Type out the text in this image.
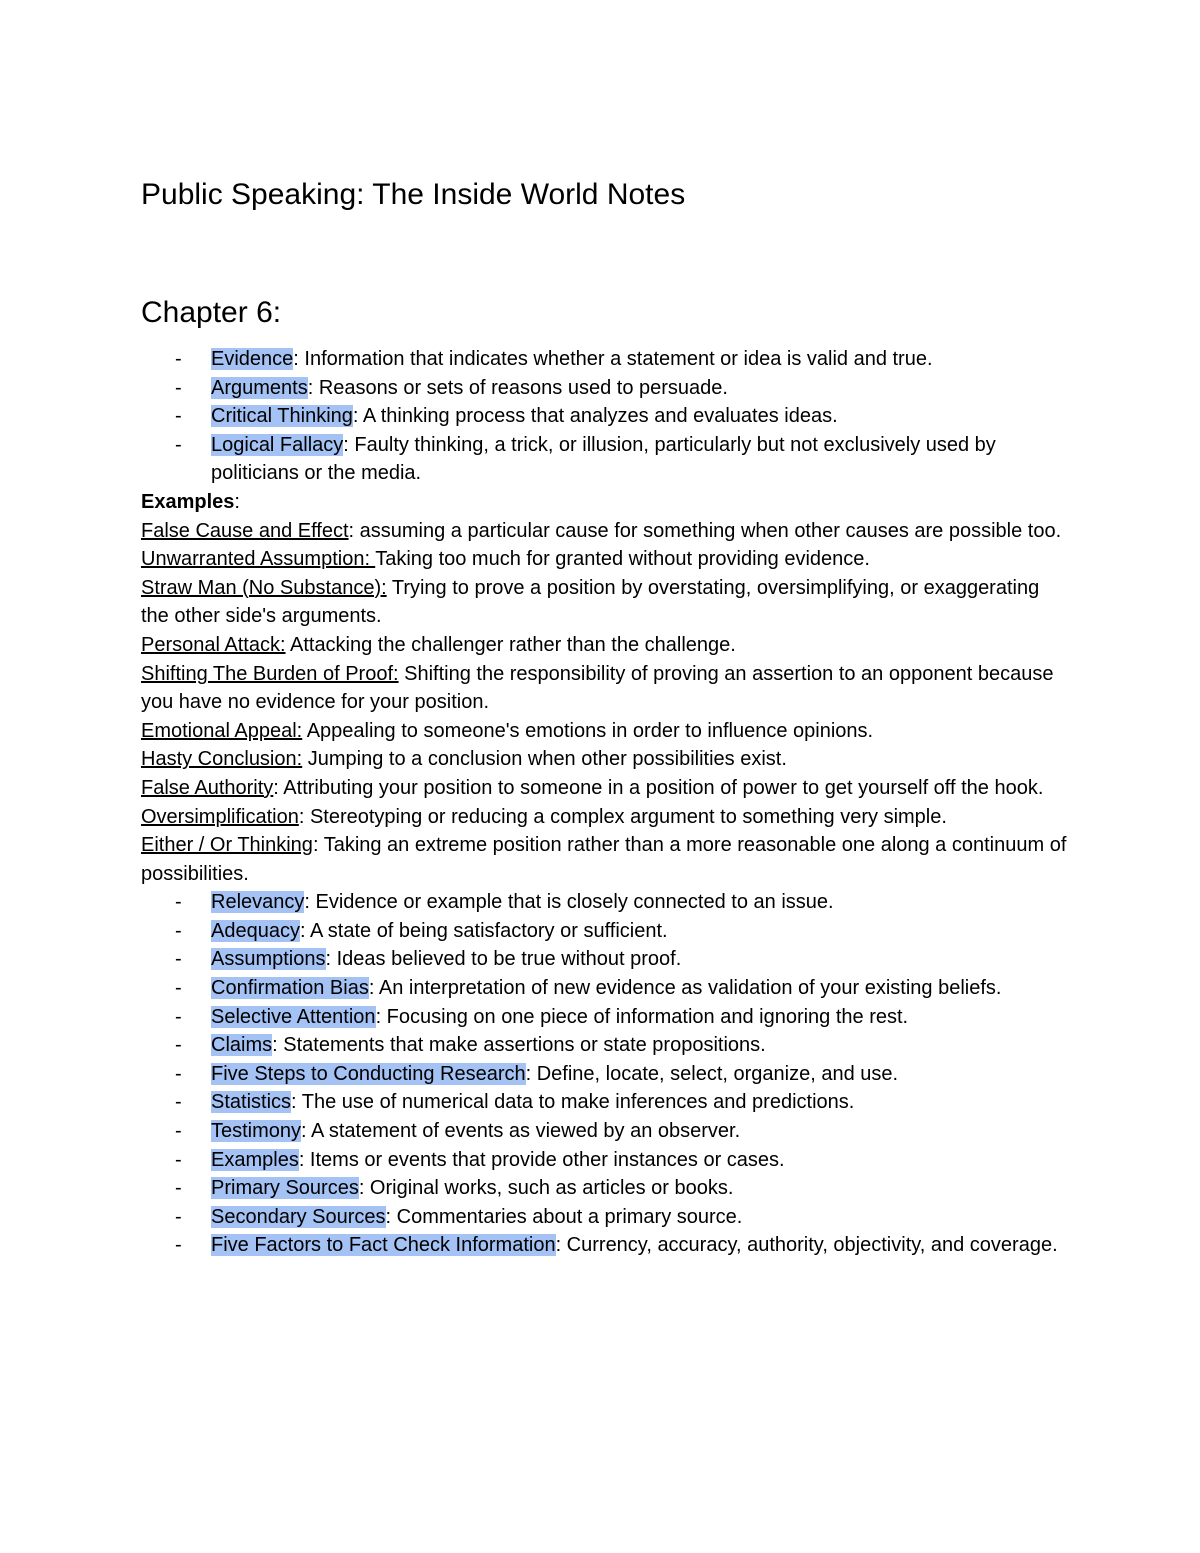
Public Speaking: The Inside World Notes
Chapter 6:
- Evidence: Information that indicates whether a statement or idea is valid and true.
- Arguments: Reasons or sets of reasons used to persuade.
- Critical Thinking: A thinking process that analyzes and evaluates ideas.
- Logical Fallacy: Faulty thinking, a trick, or illusion, particularly but not exclusively used by politicians or the media.

Examples:

False Cause and Effect: assuming a particular cause for something when other causes are possible too.

Unwarranted Assumption: Taking too much for granted without providing evidence.

Straw Man (No Substance): Trying to prove a position by overstating, oversimplifying, or exaggerating the other side's arguments.

Personal Attack: Attacking the challenger rather than the challenge.

Shifting The Burden of Proof: Shifting the responsibility of proving an assertion to an opponent because you have no evidence for your position.

Emotional Appeal: Appealing to someone's emotions in order to influence opinions.

Hasty Conclusion: Jumping to a conclusion when other possibilities exist.

False Authority: Attributing your position to someone in a position of power to get yourself off the hook.

Oversimplification: Stereotyping or reducing a complex argument to something very simple.

Either / Or Thinking: Taking an extreme position rather than a more reasonable one along a continuum of possibilities.

- Relevancy: Evidence or example that is closely connected to an issue.
- Adequacy: A state of being satisfactory or sufficient.
- Assumptions: Ideas believed to be true without proof.
- Confirmation Bias: An interpretation of new evidence as validation of your existing beliefs.
- Selective Attention: Focusing on one piece of information and ignoring the rest.
- Claims: Statements that make assertions or state propositions.
- Five Steps to Conducting Research: Define, locate, select, organize, and use.
- Statistics: The use of numerical data to make inferences and predictions.
- Testimony: A statement of events as viewed by an observer.
- Examples: Items or events that provide other instances or cases.
- Primary Sources: Original works, such as articles or books.
- Secondary Sources: Commentaries about a primary source.
- Five Factors to Fact Check Information: Currency, accuracy, authority, objectivity, and coverage.
